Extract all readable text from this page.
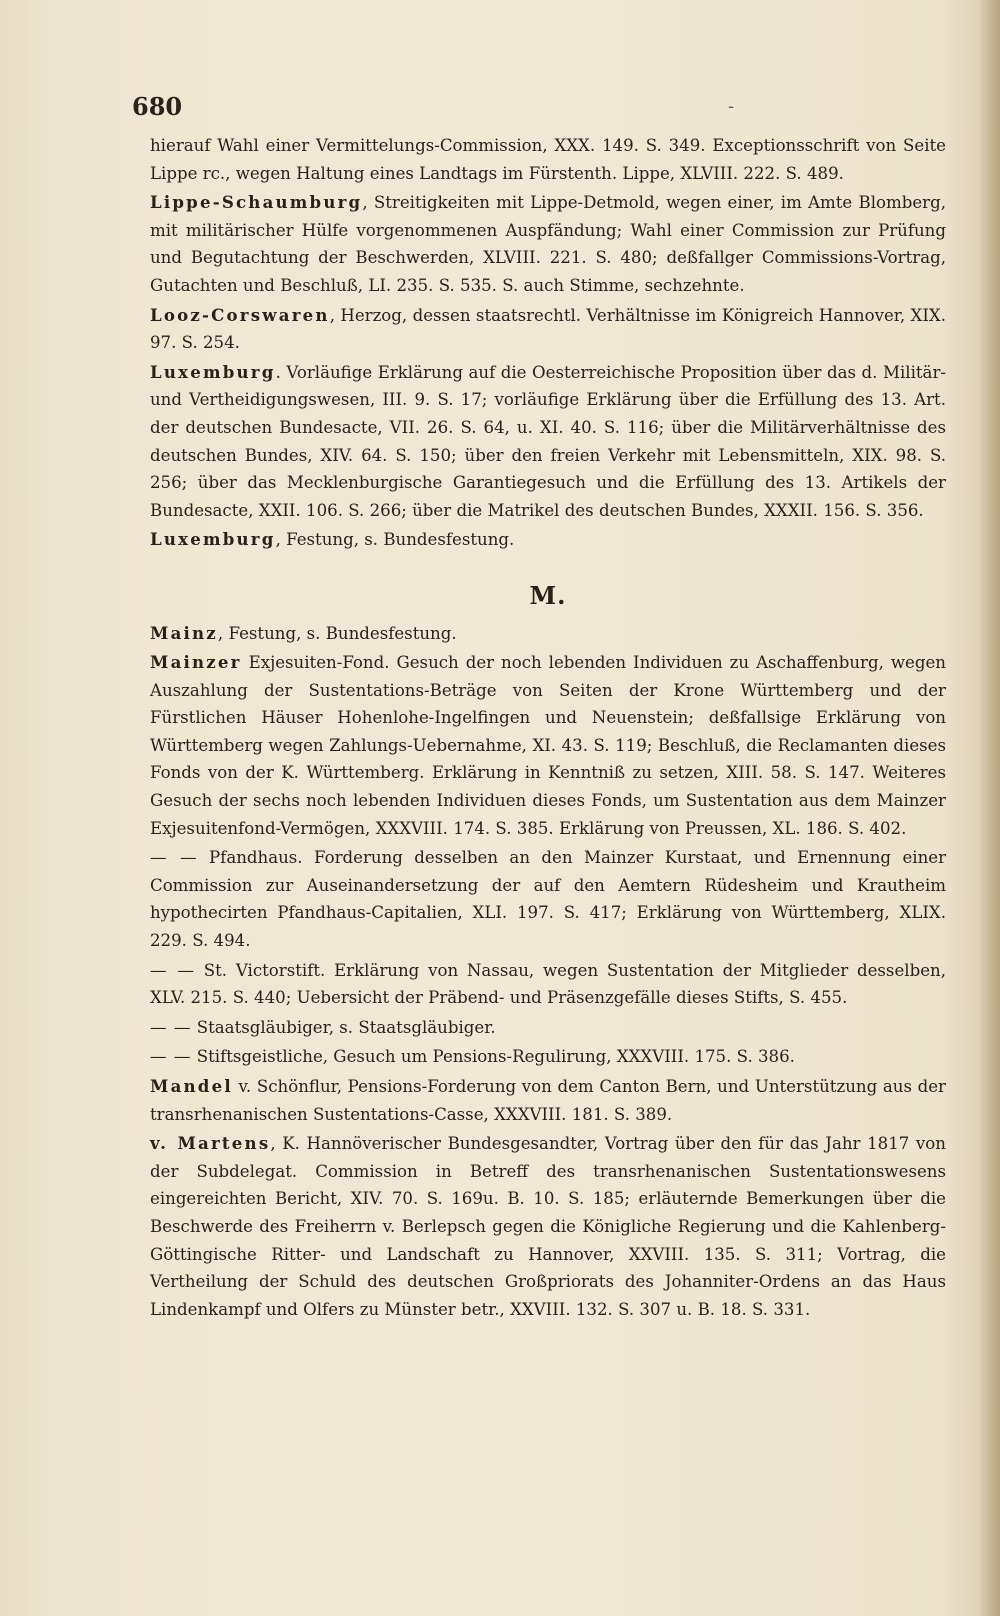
680	-

hierauf Wahl einer Vermittelungs-Commission, XXX. 149. S. 349. Exceptionsschrift von Seite Lippe rc., wegen Haltung eines Landtags im Fürstenth. Lippe, XLVIII. 222. S. 489.

Lippe-Schaumburg, Streitigkeiten mit Lippe-Detmold, wegen einer, im Amte Blomberg, mit militärischer Hülfe vorgenommenen Auspfändung; Wahl einer Commission zur Prüfung und Begutachtung der Beschwerden, XLVIII. 221. S. 480; deßfallger Commissions-Vortrag, Gutachten und Beschluß, LI. 235. S. 535. S. auch Stimme, sechzehnte.

Looz-Corswaren, Herzog, dessen staatsrechtl. Verhältnisse im Königreich Hannover, XIX. 97. S. 254.

Luxemburg. Vorläufige Erklärung auf die Oesterreichische Proposition über das d. Militär- und Vertheidigungswesen, III. 9. S. 17; vorläufige Erklärung über die Erfüllung des 13. Art. der deutschen Bundesacte, VII. 26. S. 64, u. XI. 40. S. 116; über die Militärverhältnisse des deutschen Bundes, XIV. 64. S. 150; über den freien Verkehr mit Lebensmitteln, XIX. 98. S. 256; über das Mecklenburgische Garantiegesuch und die Erfüllung des 13. Artikels der Bundesacte, XXII. 106. S. 266; über die Matrikel des deutschen Bundes, XXXII. 156. S. 356.

Luxemburg, Festung, s. Bundesfestung.

M.

Mainz, Festung, s. Bundesfestung.

Mainzer Exjesuiten-Fond. Gesuch der noch lebenden Individuen zu Aschaffenburg, wegen Auszahlung der Sustentations-Beträge von Seiten der Krone Württemberg und der Fürstlichen Häuser Hohenlohe-Ingelfingen und Neuenstein; deßfallsige Erklärung von Württemberg wegen Zahlungs-Uebernahme, XI. 43. S. 119; Beschluß, die Reclamanten dieses Fonds von der K. Württemberg. Erklärung in Kenntniß zu setzen, XIII. 58. S. 147. Weiteres Gesuch der sechs noch lebenden Individuen dieses Fonds, um Sustentation aus dem Mainzer Exjesuitenfond-Vermögen, XXXVIII. 174. S. 385. Erklärung von Preussen, XL. 186. S. 402.

— — Pfandhaus. Forderung desselben an den Mainzer Kurstaat, und Ernennung einer Commission zur Auseinandersetzung der auf den Aemtern Rüdesheim und Krautheim hypothecirten Pfandhaus-Capitalien, XLI. 197. S. 417; Erklärung von Württemberg, XLIX. 229. S. 494.

— — St. Victorstift. Erklärung von Nassau, wegen Sustentation der Mitglieder desselben, XLV. 215. S. 440; Uebersicht der Präbend- und Präsenzgefälle dieses Stifts, S. 455.

— — Staatsgläubiger, s. Staatsgläubiger.

— — Stiftsgeistliche, Gesuch um Pensions-Regulirung, XXXVIII. 175. S. 386.

Mandel v. Schönflur, Pensions-Forderung von dem Canton Bern, und Unterstützung aus der transrhenanischen Sustentations-Casse, XXXVIII. 181. S. 389.

v. Martens, K. Hannöverischer Bundesgesandter, Vortrag über den für das Jahr 1817 von der Subdelegat. Commission in Betreff des transrhenanischen Sustentationswesens eingereichten Bericht, XIV. 70. S. 169u. B. 10. S. 185; erläuternde Bemerkungen über die Beschwerde des Freiherrn v. Berlepsch gegen die Königliche Regierung und die Kahlenberg- Göttingische Ritter- und Landschaft zu Hannover, XXVIII. 135. S. 311; Vortrag, die Vertheilung der Schuld des deutschen Großpriorats des Johanniter-Ordens an das Haus Lindenkampf und Olfers zu Münster betr., XXVIII. 132. S. 307 u. B. 18. S. 331.
